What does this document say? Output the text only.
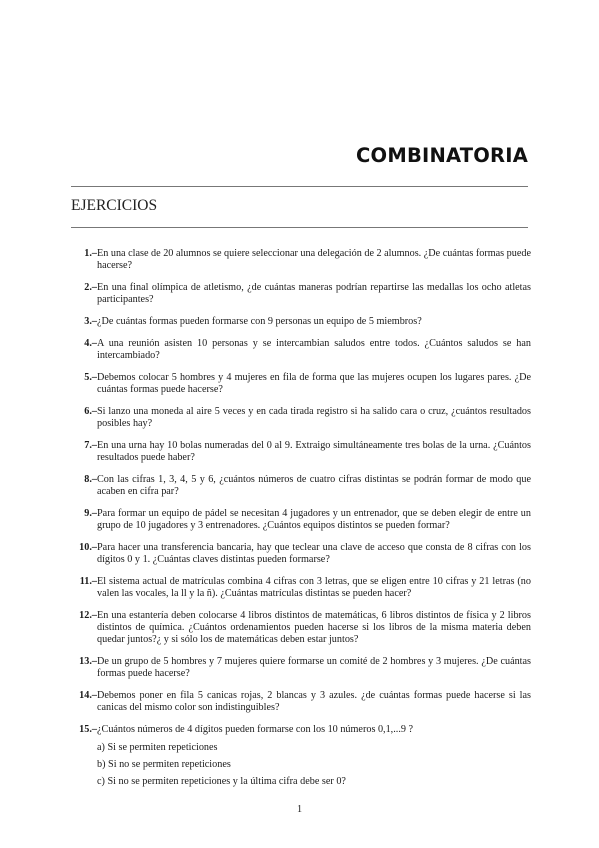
COMBINATORIA
EJERCICIOS
1.– En una clase de 20 alumnos se quiere seleccionar una delegación de 2 alumnos. ¿De cuántas formas puede hacerse?
2.– En una final olímpica de atletismo, ¿de cuántas maneras podrían repartirse las medallas los ocho atletas participantes?
3.– ¿De cuántas formas pueden formarse con 9 personas un equipo de 5 miembros?
4.– A una reunión asisten 10 personas y se intercambian saludos entre todos. ¿Cuántos saludos se han intercambiado?
5.– Debemos colocar 5 hombres y 4 mujeres en fila de forma que las mujeres ocupen los lugares pares. ¿De cuántas formas puede hacerse?
6.– Si lanzo una moneda al aire 5 veces y en cada tirada registro si ha salido cara o cruz, ¿cuántos resultados posibles hay?
7.– En una urna hay 10 bolas numeradas del 0 al 9. Extraigo simultáneamente tres bolas de la urna. ¿Cuántos resultados puede haber?
8.– Con las cifras 1, 3, 4, 5 y 6, ¿cuántos números de cuatro cifras distintas se podrán formar de modo que acaben en cifra par?
9.– Para formar un equipo de pádel se necesitan 4 jugadores y un entrenador, que se deben elegir de entre un grupo de 10 jugadores y 3 entrenadores. ¿Cuántos equipos distintos se pueden formar?
10.– Para hacer una transferencia bancaria, hay que teclear una clave de acceso que consta de 8 cifras con los dígitos 0 y 1. ¿Cuántas claves distintas pueden formarse?
11.– El sistema actual de matrículas combina 4 cifras con 3 letras, que se eligen entre 10 cifras y 21 letras (no valen las vocales, la ll y la ñ). ¿Cuántas matrículas distintas se pueden hacer?
12.– En una estantería deben colocarse 4 libros distintos de matemáticas, 6 libros distintos de física y 2 libros distintos de química. ¿Cuántos ordenamientos pueden hacerse si los libros de la misma materia deben quedar juntos?¿ y si sólo los de matemáticas deben estar juntos?
13.– De un grupo de 5 hombres y 7 mujeres quiere formarse un comité de 2 hombres y 3 mujeres. ¿De cuántas formas puede hacerse?
14.– Debemos poner en fila 5 canicas rojas, 2 blancas y 3 azules. ¿de cuántas formas puede hacerse si las canicas del mismo color son indistinguibles?
15.– ¿Cuántos números de 4 dígitos pueden formarse con los 10 números 0,1,...9 ?
a) Si se permiten repeticiones
b) Si no se permiten repeticiones
c) Si no se permiten repeticiones y la última cifra debe ser 0?
1
